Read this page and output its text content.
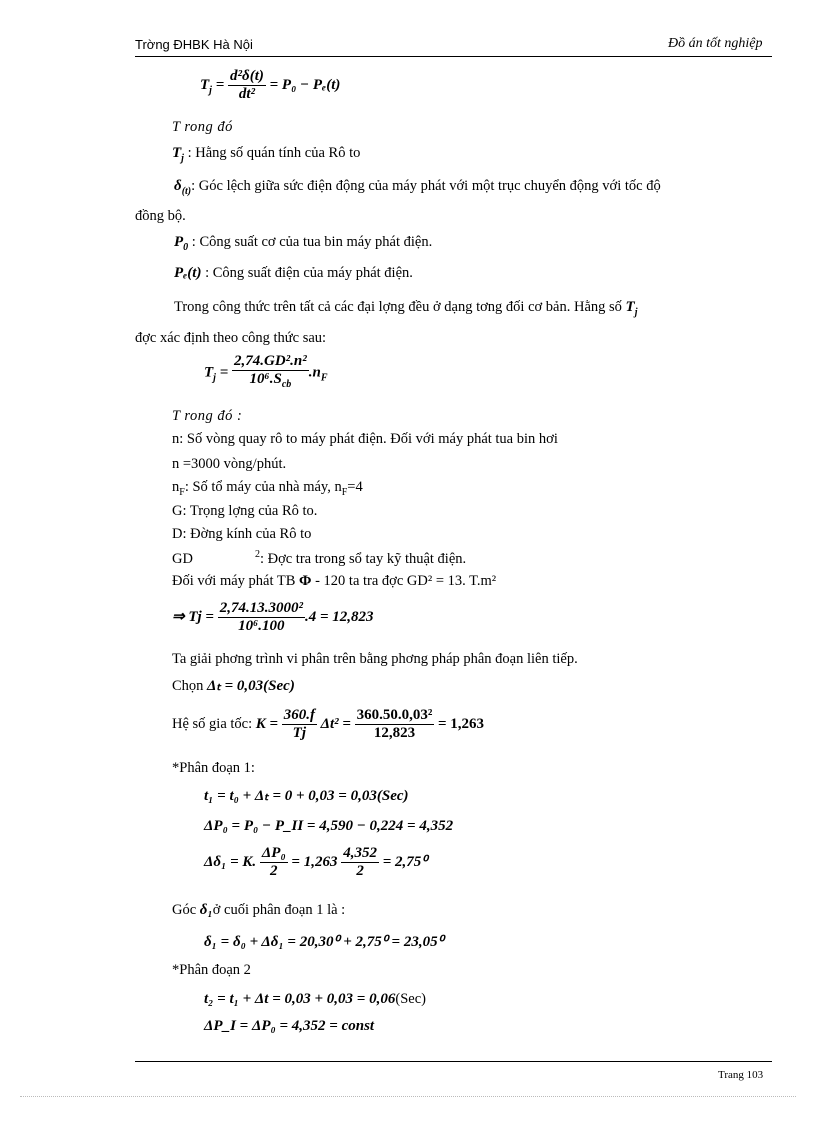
Trờng ĐHBK Hà Nội	Đồ án tốt nghiệp
$T_j = \frac{\text{d²δ(t)}}{\text{dt²}} = P_0 - P_e(t)$
T rong đó
$T_j$ : Hằng số quán tính của Rô to
$\delta_{(t)}$: Góc lệch giữa sức điện động của máy phát với một trục chuyển động với tốc độ
đồng bộ.
$P_0$ : Công suất cơ của tua bin máy phát điện.
Pₑ(t) : Công suất điện của máy phát điện.
Trong công thức trên tất cả các đại lợng đều ở dạng tơng đối cơ bản. Hằng số $T_j$
đợc xác định theo công thức sau:
$T_j = \frac{\text{2,74.GD².n²}}{10^6.S_{cb}} .n_F$
T rong đó :
n: Số vòng quay rô to máy phát điện. Đối với máy phát tua bin hơi
n =3000 vòng/phút.
$n_F$: Số tổ máy của nhà máy, $n_F=4$
G: Trọng lợng của Rô to.
D: Đờng kính của Rô to
GD	$^2$: Đợc tra trong sổ tay kỹ thuật điện.
Đối với máy phát TB Φ - 120 ta tra đợc GD² = 13. T.m²
⇒ $Tj = \frac{\text{2,74.13.3000²}}{\text{10⁶.100}} .4 = 12,823$
Ta giải phơng trình vi phân trên bằng phơng pháp phân đoạn liên tiếp.
Chọn Δₜ = 0,03(Sec)
Hệ số gia tốc: $K = \frac{360.f}{Tj} \Delta t^2 = \frac{\text{360.50.0,03²}}{12,823} = 1,263$
*Phân đoạn 1:
t₁ = t₀ + Δₜ = 0 + 0,03 = 0,03(Sec)
ΔP₀ = P₀ − P_II = 4,590 − 0,224 = 4,352
Δδ₁ = K. $\frac{\text{ΔP₀}}{2} = 1,263 \frac{4,352}{2} = 2,75^0$
Góc δ₁ở cuối phân đoạn 1 là :
δ₁ = δ₀ + Δδ₁ = 20,30⁰ + 2,75⁰ = 23,05⁰
*Phân đoạn 2
t₂ = t₁ + Δt = 0,03 + 0,03 = 0,06(Sec)
ΔP_I = ΔP₀ = 4,352 = const
Trang 103
